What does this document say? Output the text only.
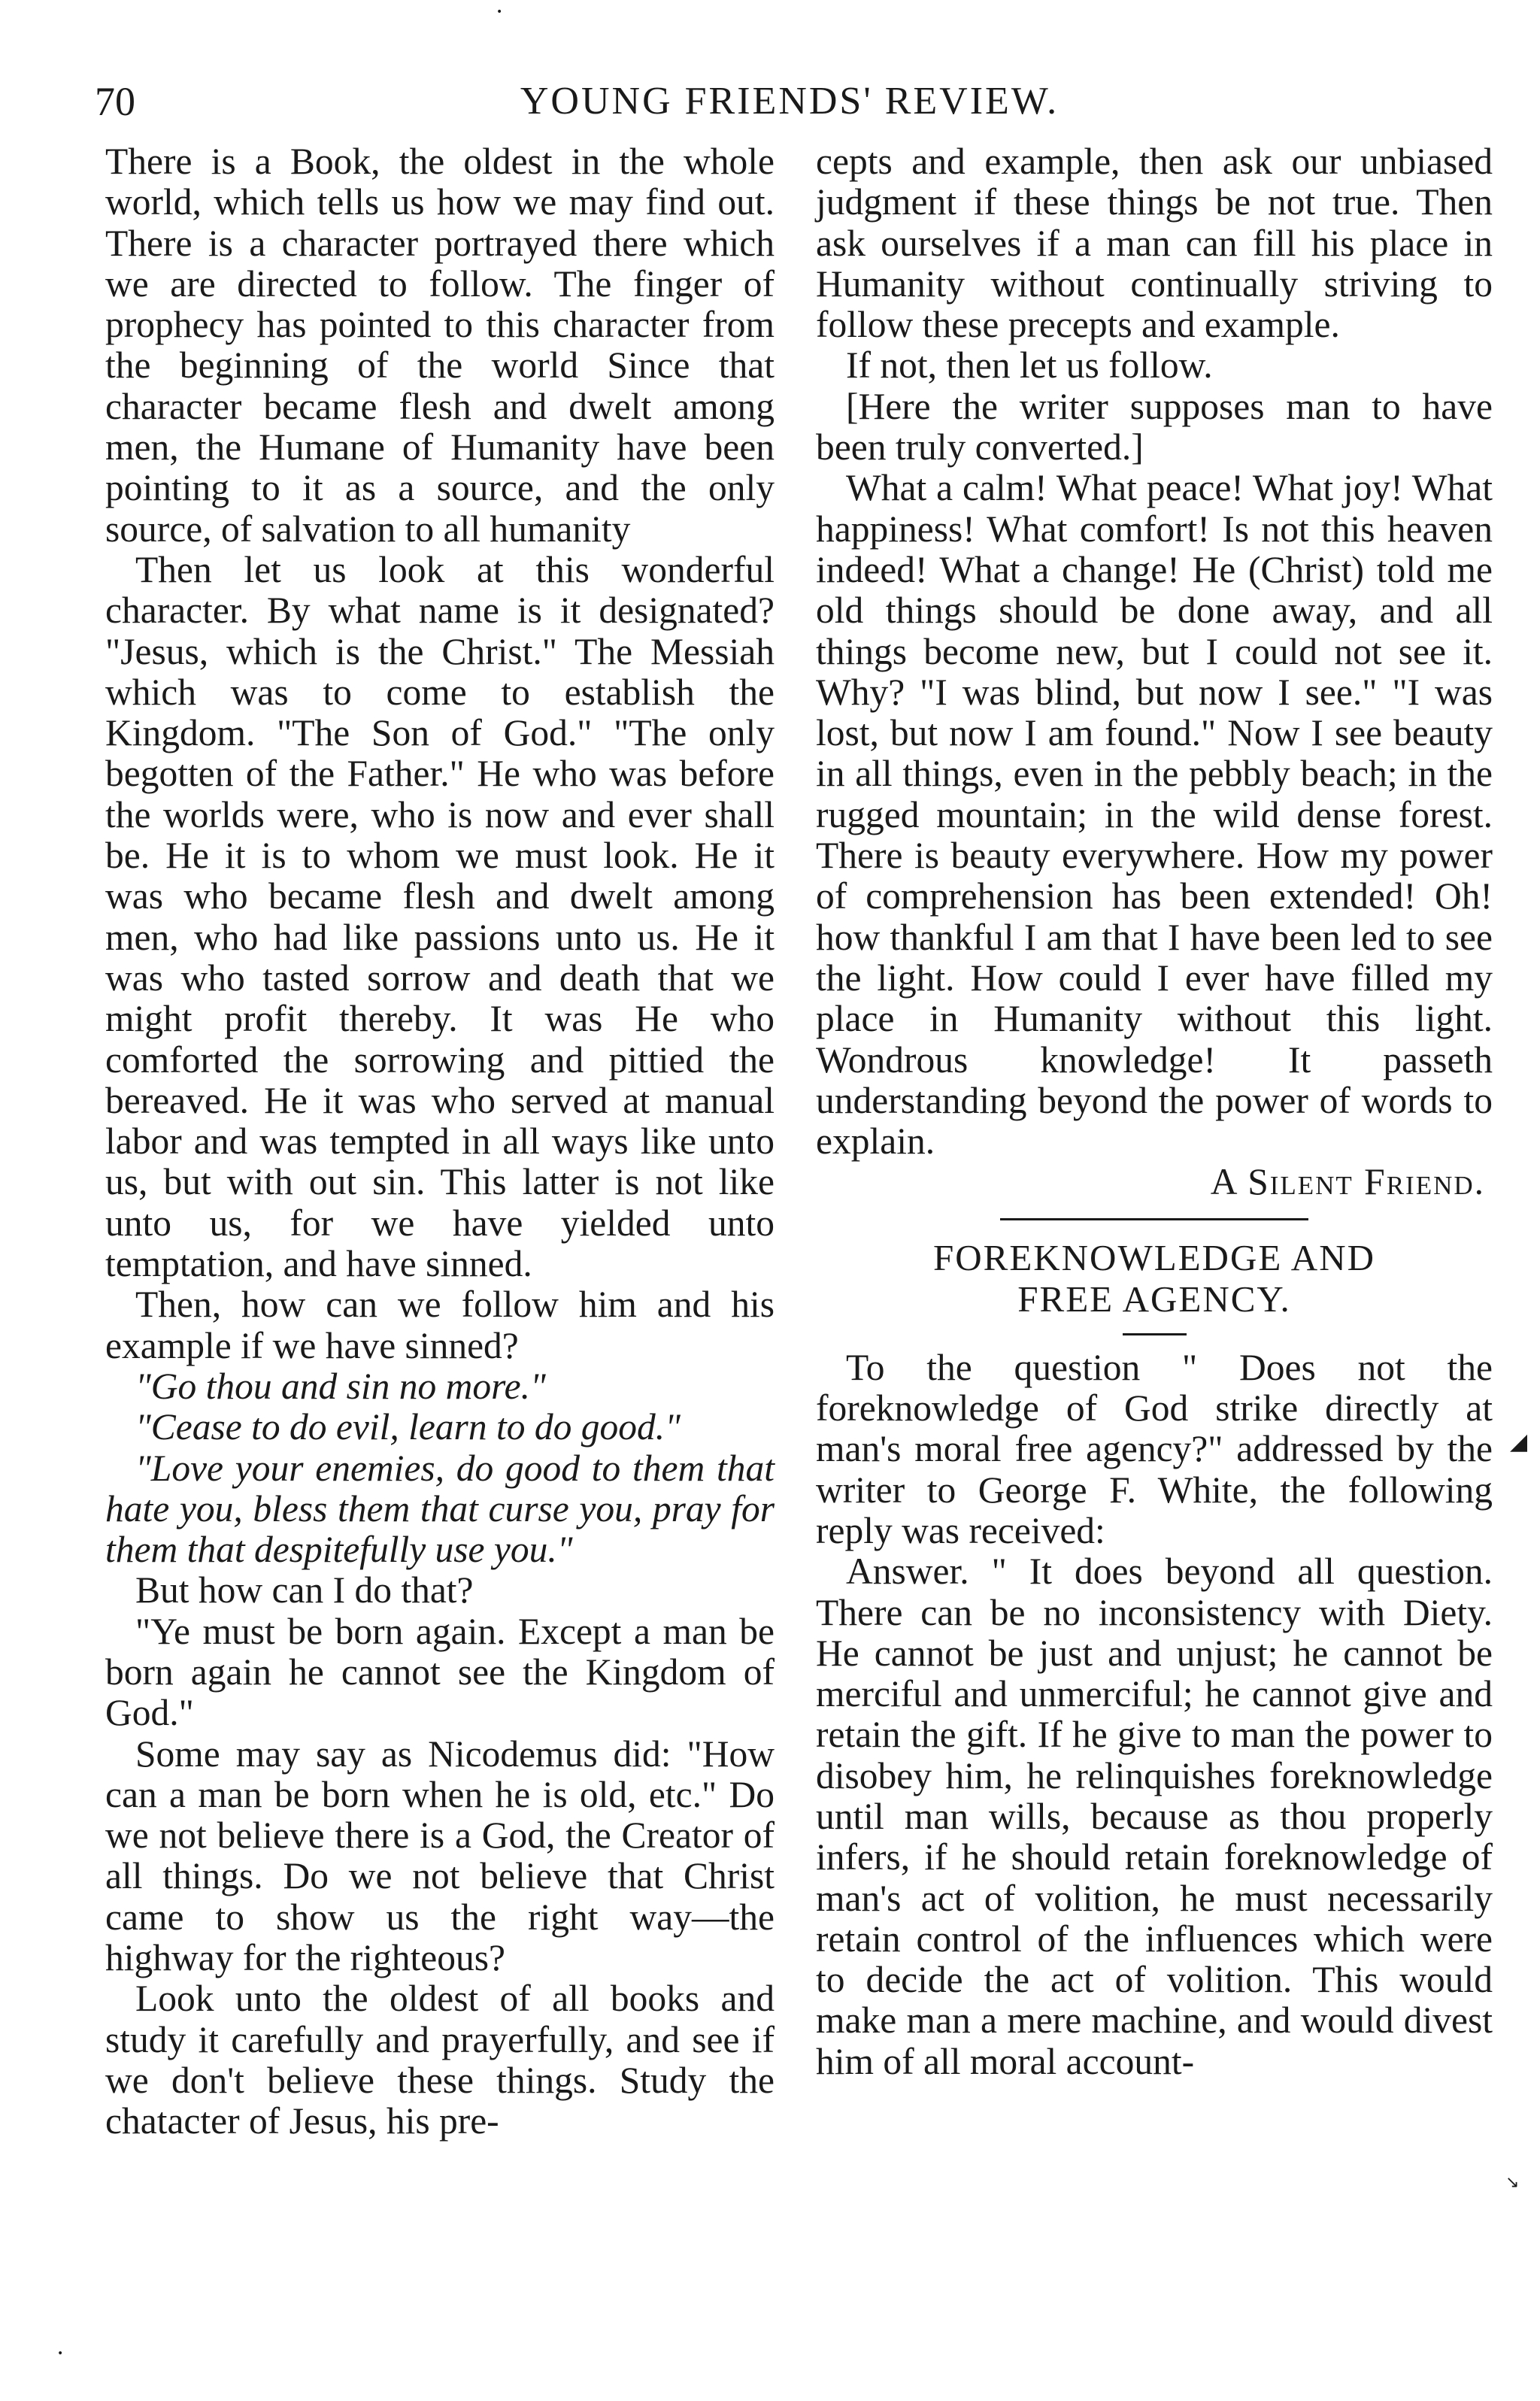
70	YOUNG FRIENDS' REVIEW.

There is a Book, the oldest in the whole world, which tells us how we may find out. There is a character portrayed there which we are directed to follow. The finger of prophecy has pointed to this character from the beginning of the world Since that character became flesh and dwelt among men, the Humane of Humanity have been pointing to it as a source, and the only source, of salvation to all humanity

Then let us look at this wonderful character. By what name is it designated? "Jesus, which is the Christ." The Messiah which was to come to establish the Kingdom. "The Son of God." "The only begotten of the Father." He who was before the worlds were, who is now and ever shall be. He it is to whom we must look. He it was who became flesh and dwelt among men, who had like passions unto us. He it was who tasted sorrow and death that we might profit thereby. It was He who comforted the sorrowing and pittied the bereaved. He it was who served at manual labor and was tempted in all ways like unto us, but with out sin. This latter is not like unto us, for we have yielded unto temptation, and have sinned.

Then, how can we follow him and his example if we have sinned?

"Go thou and sin no more."

"Cease to do evil, learn to do good."

"Love your enemies, do good to them that hate you, bless them that curse you, pray for them that despitefully use you."

But how can I do that?

"Ye must be born again. Except a man be born again he cannot see the Kingdom of God."

Some may say as Nicodemus did: "How can a man be born when he is old, etc." Do we not believe there is a God, the Creator of all things. Do we not believe that Christ came to show us the right way—the highway for the righteous?

Look unto the oldest of all books and study it carefully and prayerfully, and see if we don't believe these things. Study the chatacter of Jesus, his pre-

cepts and example, then ask our unbiased judgment if these things be not true. Then ask ourselves if a man can fill his place in Humanity without continually striving to follow these precepts and example.

If not, then let us follow.

[Here the writer supposes man to have been truly converted.]

What a calm! What peace! What joy! What happiness! What comfort! Is not this heaven indeed! What a change! He (Christ) told me old things should be done away, and all things become new, but I could not see it. Why? "I was blind, but now I see." "I was lost, but now I am found." Now I see beauty in all things, even in the pebbly beach; in the rugged mountain; in the wild dense forest. There is beauty everywhere. How my power of comprehension has been extended! Oh! how thankful I am that I have been led to see the light. How could I ever have filled my place in Humanity without this light. Wondrous knowledge! It passeth understanding beyond the power of words to explain.

A Silent Friend.

FOREKNOWLEDGE AND

FREE AGENCY.

To the question " Does not the foreknowledge of God strike directly at man's moral free agency?" addressed by the writer to George F. White, the following reply was received:

Answer. " It does beyond all question. There can be no inconsistency with Diety. He cannot be just and unjust; he cannot be merciful and unmerciful; he cannot give and retain the gift. If he give to man the power to disobey him, he relinquishes foreknowledge until man wills, because as thou properly infers, if he should retain foreknowledge of man's act of volition, he must necessarily retain control of the influences which were to decide the act of volition. This would make man a mere machine, and would divest him of all moral account-

◢
↘
•
•
